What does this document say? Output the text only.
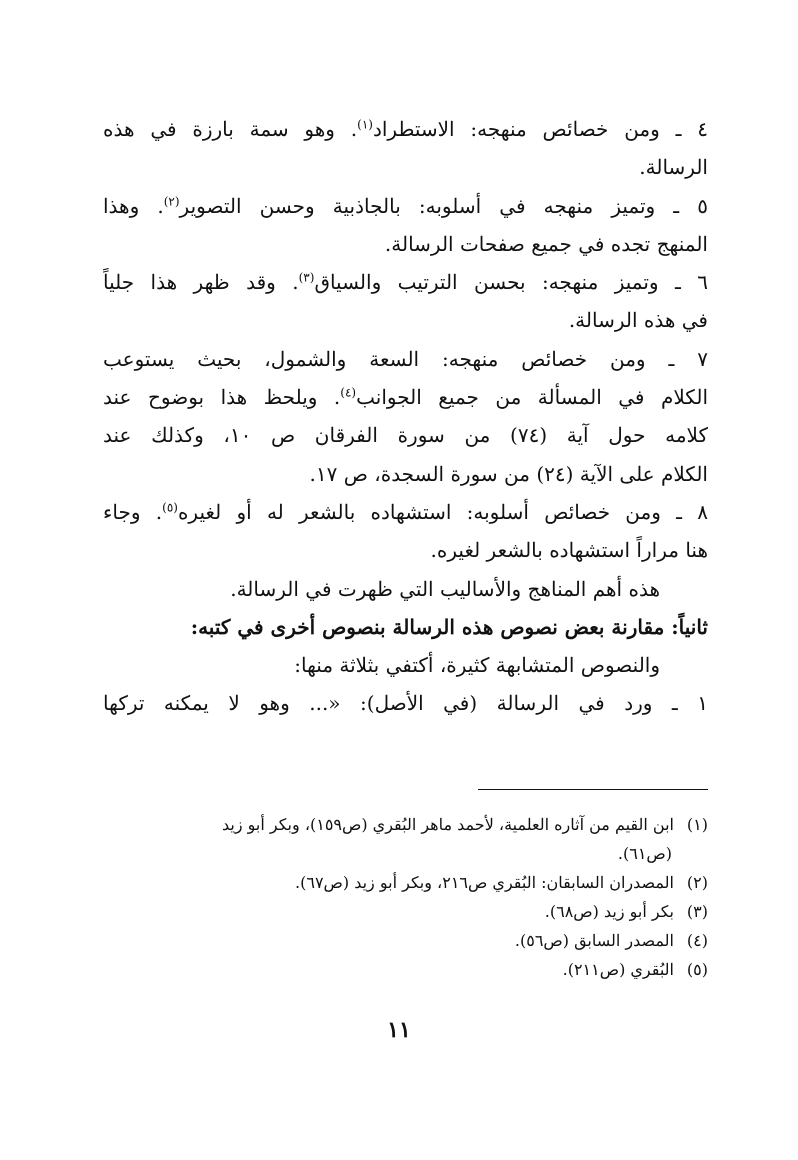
٤ ـ ومن خصائص منهجه: الاستطراد$^{(١)}$. وهو سمة بارزة في هذه
الرسالة.
٥ ـ وتميز منهجه في أسلوبه: بالجاذبية وحسن التصوير$^{(٢)}$. وهذا
المنهج تجده في جميع صفحات الرسالة.
٦ ـ وتميز منهجه: بحسن الترتيب والسياق$^{(٣)}$. وقد ظهر هذا جلياً
في هذه الرسالة.
٧ ـ ومن خصائص منهجه: السعة والشمول، بحيث يستوعب
الكلام في المسألة من جميع الجوانب$^{(٤)}$. ويلحظ هذا بوضوح عند
كلامه حول آية (٧٤) من سورة الفرقان ص ١٠، وكذلك عند
الكلام على الآية (٢٤) من سورة السجدة، ص ١٧.
٨ ـ ومن خصائص أسلوبه: استشهاده بالشعر له أو لغيره$^{(٥)}$. وجاء
هنا مراراً استشهاده بالشعر لغيره.
هذه أهم المناهج والأساليب التي ظهرت في الرسالة.
ثانياً: مقارنة بعض نصوص هذه الرسالة بنصوص أخرى في كتبه:
والنصوص المتشابهة كثيرة، أكتفي بثلاثة منها:
١ ـ ورد في الرسالة (في الأصل): «... وهو لا يمكنه تركها
(١)
ابن القيم من آثاره العلمية، لأحمد ماهر البُقري (ص١٥٩)، وبكر أبو زيد
(ص٦١).
(٢)
المصدران السابقان: البُقري ص٢١٦، وبكر أبو زيد (ص٦٧).
(٣)
بكر أبو زيد (ص٦٨).
(٤)
المصدر السابق (ص٥٦).
(٥)
البُقري (ص٢١١).
١١
